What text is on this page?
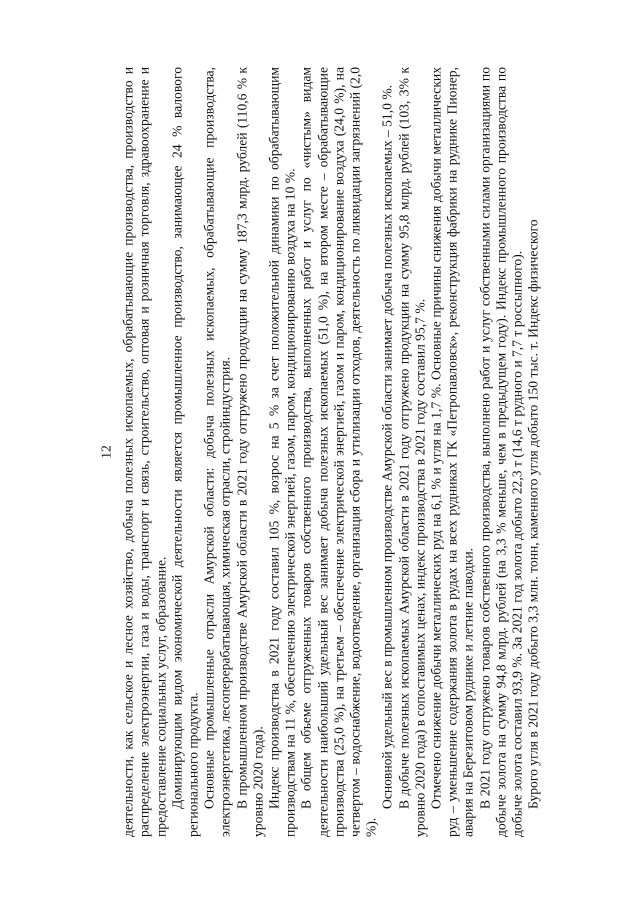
12 деятельности, как сельское и лесное хозяйство, добыча полезных ископаемых, обрабатывающие производства, производство и распределение электроэнергии, газа и воды, транспорт и связь, строительство, оптовая и розничная торговля, здравоохранение и предоставление социальных услуг, образование. Доминирующим видом экономической деятельности является промышленное производство, занимающее 24 % валового регионального продукта. Основные промышленные отрасли Амурской области: добыча полезных ископаемых, обрабатывающие производства, электроэнергетика, лесоперерабатывающая, химическая отрасли, стройиндустрия. В промышленном производстве Амурской области в 2021 году отгружено продукции на сумму 187,3 млрд. рублей (110,6 % к уровню 2020 года). Индекс производства в 2021 году составил 105 %, возрос на 5 % за счет положительной динамики по обрабатывающим производствам на 11 %, обеспечению электрической энергией, газом, паром, кондиционированию воздуха на 10 %. В общем объеме отгруженных товаров собственного производства, выполненных работ и услуг по «чистым» видам деятельности наибольший удельный вес занимает добыча полезных ископаемых (51,0 %), на втором месте – обрабатывающие производства (25,0 %), на третьем – обеспечение электрической энергией, газом и паром, кондиционирование воздуха (24,0 %), на четвертом – водоснабжение, водоотведение, организация сбора и утилизации отходов, деятельность по ликвидации загрязнений (2,0 %).

Основной удельный вес в промышленном производстве Амурской области занимает добыча полезных ископаемых – 51,0 %. В добыче полезных ископаемых Амурской области в 2021 году отгружено продукции на сумму 95,8 млрд. рублей (103, 3% к уровню 2020 года) в сопоставимых ценах, индекс производства в 2021 году составил 95,7 %. Отмечено снижение добычи металлических руд на 6,1 % и угля на 1,7 %. Основные причины снижения добычи металлических руд – уменьшение содержания золота в рудах на всех рудниках ГК «Петропавловск», реконструкция фабрики на руднике Пионер, авария на Березитовом руднике и летние паводки. В 2021 году отгружено товаров собственного производства, выполнено работ и услуг собственными силами организациями по добыче золота на сумму 94,8 млрд. рублей (на 3,3 % меньше, чем в предыдущем году). Индекс промышленного производства по добыче золота составил 93,9 %. За 2021 год золота добыто 22,3 т (14,6 т рудного и 7,7 т россыпного). Бурого угля в 2021 году добыто 3,3 млн. тонн, каменного угля добыто 150 тыс. т. Индекс физического
